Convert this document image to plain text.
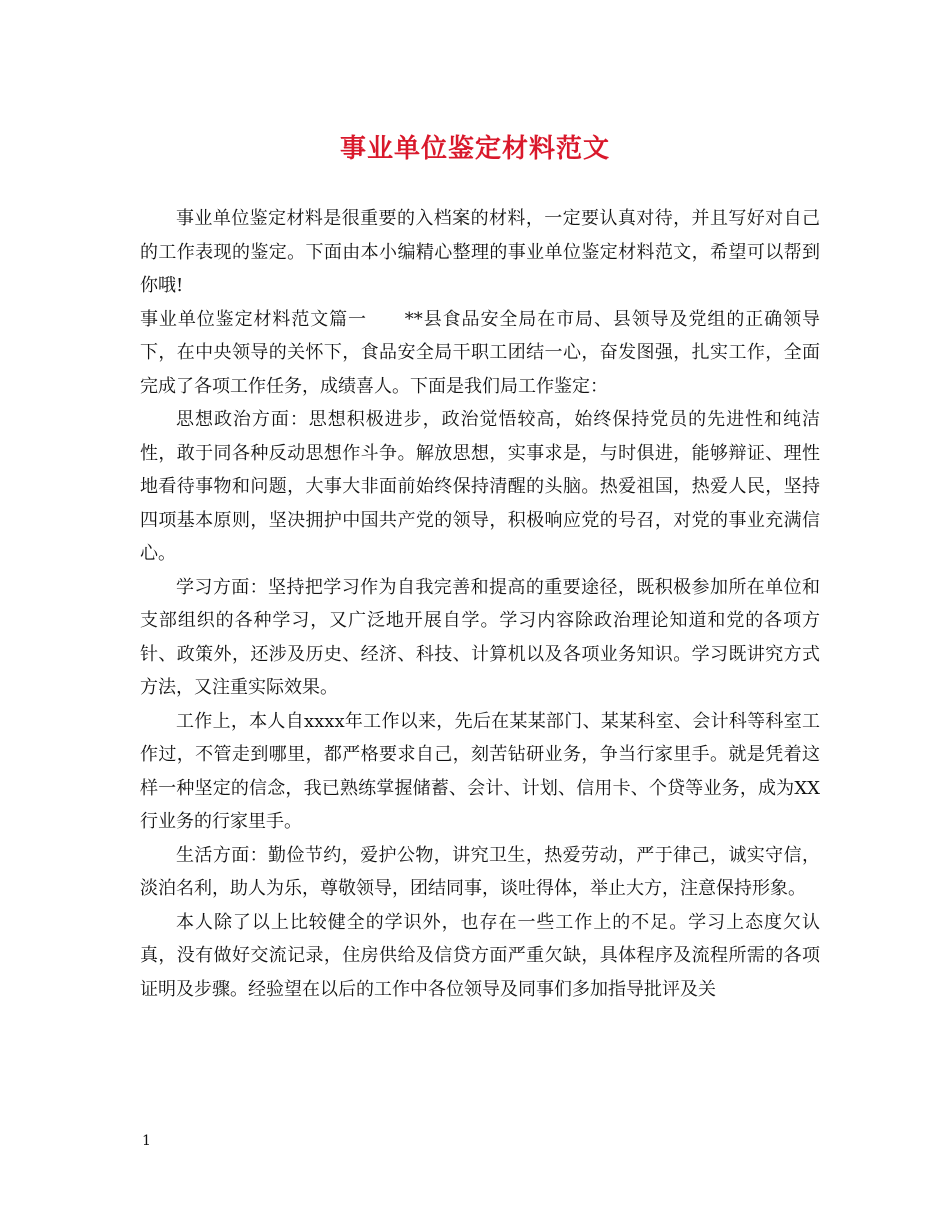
事业单位鉴定材料范文

事业单位鉴定材料是很重要的入档案的材料，一定要认真对待，并且写好对自己的工作表现的鉴定。下面由本小编精心整理的事业单位鉴定材料范文，希望可以帮到你哦!

事业单位鉴定材料范文篇一　　**县食品安全局在市局、县领导及党组的正确领导下，在中央领导的关怀下，食品安全局干职工团结一心，奋发图强，扎实工作，全面完成了各项工作任务，成绩喜人。下面是我们局工作鉴定：

思想政治方面：思想积极进步，政治觉悟较高，始终保持党员的先进性和纯洁性，敢于同各种反动思想作斗争。解放思想，实事求是，与时俱进，能够辩证、理性地看待事物和问题，大事大非面前始终保持清醒的头脑。热爱祖国，热爱人民，坚持四项基本原则，坚决拥护中国共产党的领导，积极响应党的号召，对党的事业充满信心。

学习方面：坚持把学习作为自我完善和提高的重要途径，既积极参加所在单位和支部组织的各种学习，又广泛地开展自学。学习内容除政治理论知道和党的各项方针、政策外，还涉及历史、经济、科技、计算机以及各项业务知识。学习既讲究方式方法，又注重实际效果。

工作上，本人自xxxx年工作以来，先后在某某部门、某某科室、会计科等科室工作过，不管走到哪里，都严格要求自己，刻苦钻研业务，争当行家里手。就是凭着这样一种坚定的信念，我已熟练掌握储蓄、会计、计划、信用卡、个贷等业务，成为XX行业务的行家里手。

生活方面：勤俭节约，爱护公物，讲究卫生，热爱劳动，严于律己，诚实守信，淡泊名利，助人为乐，尊敬领导，团结同事，谈吐得体，举止大方，注意保持形象。

本人除了以上比较健全的学识外，也存在一些工作上的不足。学习上态度欠认真，没有做好交流记录，住房供给及信贷方面严重欠缺，具体程序及流程所需的各项证明及步骤。经验望在以后的工作中各位领导及同事们多加指导批评及关

1
